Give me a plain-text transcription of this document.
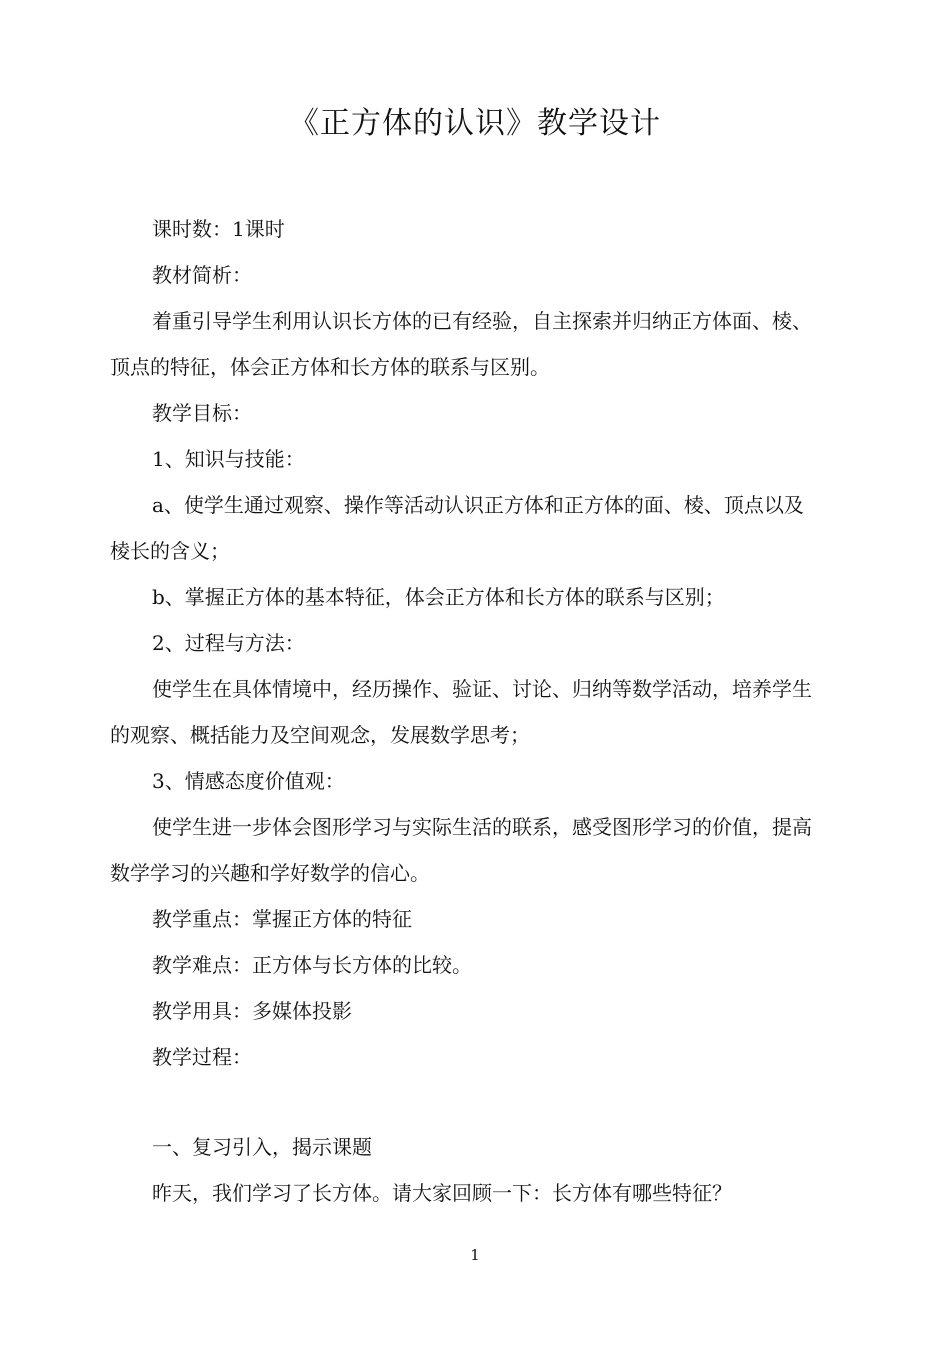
《正方体的认识》教学设计
课时数：1课时
教材简析：
着重引导学生利用认识长方体的已有经验，自主探索并归纳正方体面、棱、
顶点的特征，体会正方体和长方体的联系与区别。
教学目标：
1、知识与技能：
a、使学生通过观察、操作等活动认识正方体和正方体的面、棱、顶点以及
棱长的含义；
b、掌握正方体的基本特征，体会正方体和长方体的联系与区别；
2、过程与方法：
使学生在具体情境中，经历操作、验证、讨论、归纳等数学活动，培养学生
的观察、概括能力及空间观念，发展数学思考；
3、情感态度价值观：
使学生进一步体会图形学习与实际生活的联系，感受图形学习的价值，提高
数学学习的兴趣和学好数学的信心。
教学重点：掌握正方体的特征
教学难点：正方体与长方体的比较。
教学用具：多媒体投影
教学过程：
一、复习引入，揭示课题
昨天，我们学习了长方体。请大家回顾一下：长方体有哪些特征？
1
